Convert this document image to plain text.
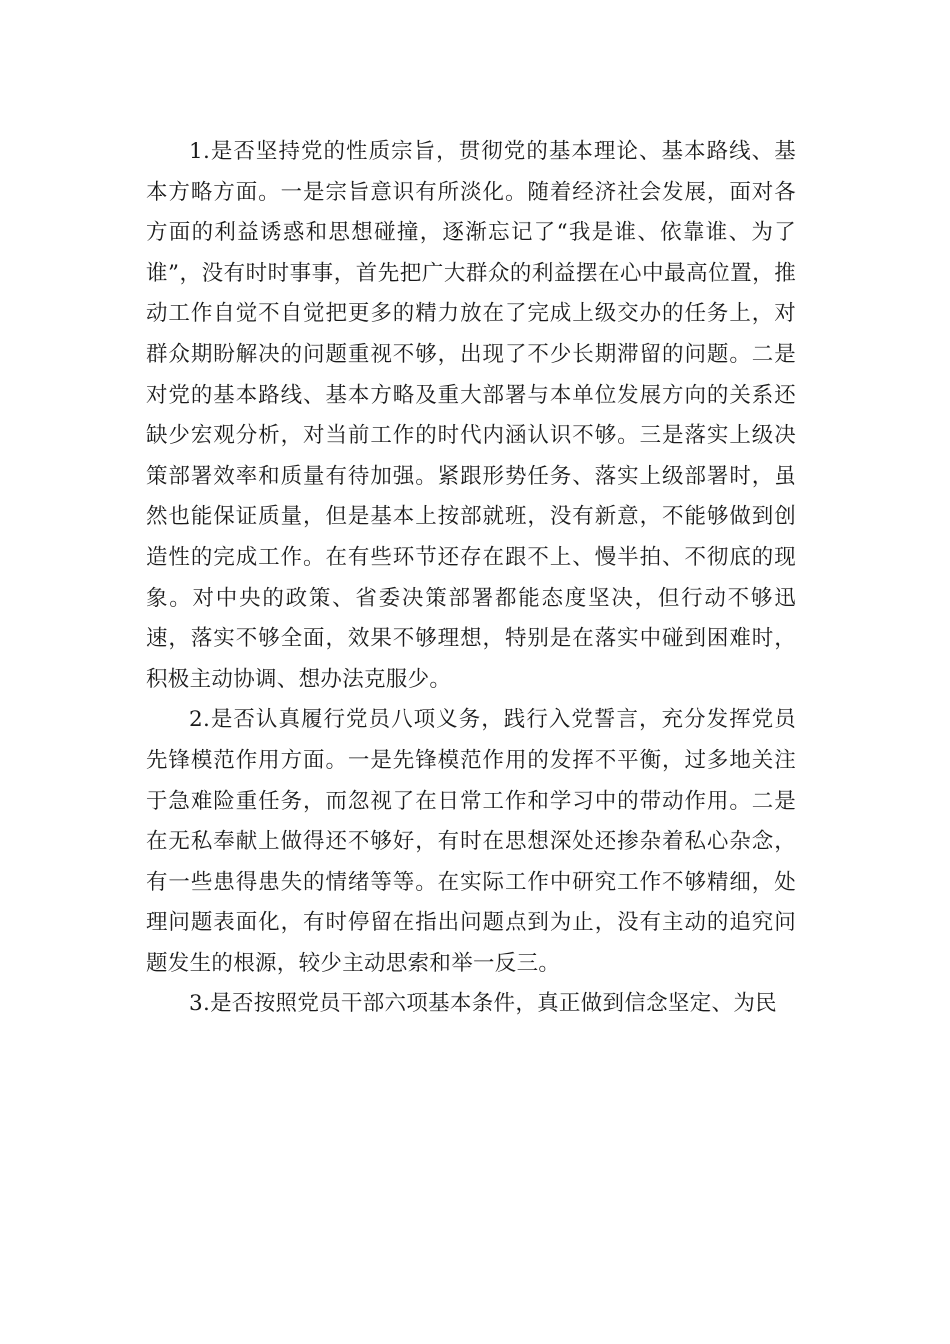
1.是否坚持党的性质宗旨，贯彻党的基本理论、基本路线、基本方略方面。一是宗旨意识有所淡化。随着经济社会发展，面对各方面的利益诱惑和思想碰撞，逐渐忘记了“我是谁、依靠谁、为了谁”，没有时时事事，首先把广大群众的利益摆在心中最高位置，推动工作自觉不自觉把更多的精力放在了完成上级交办的任务上，对群众期盼解决的问题重视不够，出现了不少长期滞留的问题。二是对党的基本路线、基本方略及重大部署与本单位发展方向的关系还缺少宏观分析，对当前工作的时代内涵认识不够。三是落实上级决策部署效率和质量有待加强。紧跟形势任务、落实上级部署时，虽然也能保证质量，但是基本上按部就班，没有新意，不能够做到创造性的完成工作。在有些环节还存在跟不上、慢半拍、不彻底的现象。对中央的政策、省委决策部署都能态度坚决，但行动不够迅速，落实不够全面，效果不够理想，特别是在落实中碰到困难时，积极主动协调、想办法克服少。

2.是否认真履行党员八项义务，践行入党誓言，充分发挥党员先锋模范作用方面。一是先锋模范作用的发挥不平衡，过多地关注于急难险重任务，而忽视了在日常工作和学习中的带动作用。二是在无私奉献上做得还不够好，有时在思想深处还掺杂着私心杂念，有一些患得患失的情绪等等。在实际工作中研究工作不够精细，处理问题表面化，有时停留在指出问题点到为止，没有主动的追究问题发生的根源，较少主动思索和举一反三。

3.是否按照党员干部六项基本条件，真正做到信念坚定、为民
